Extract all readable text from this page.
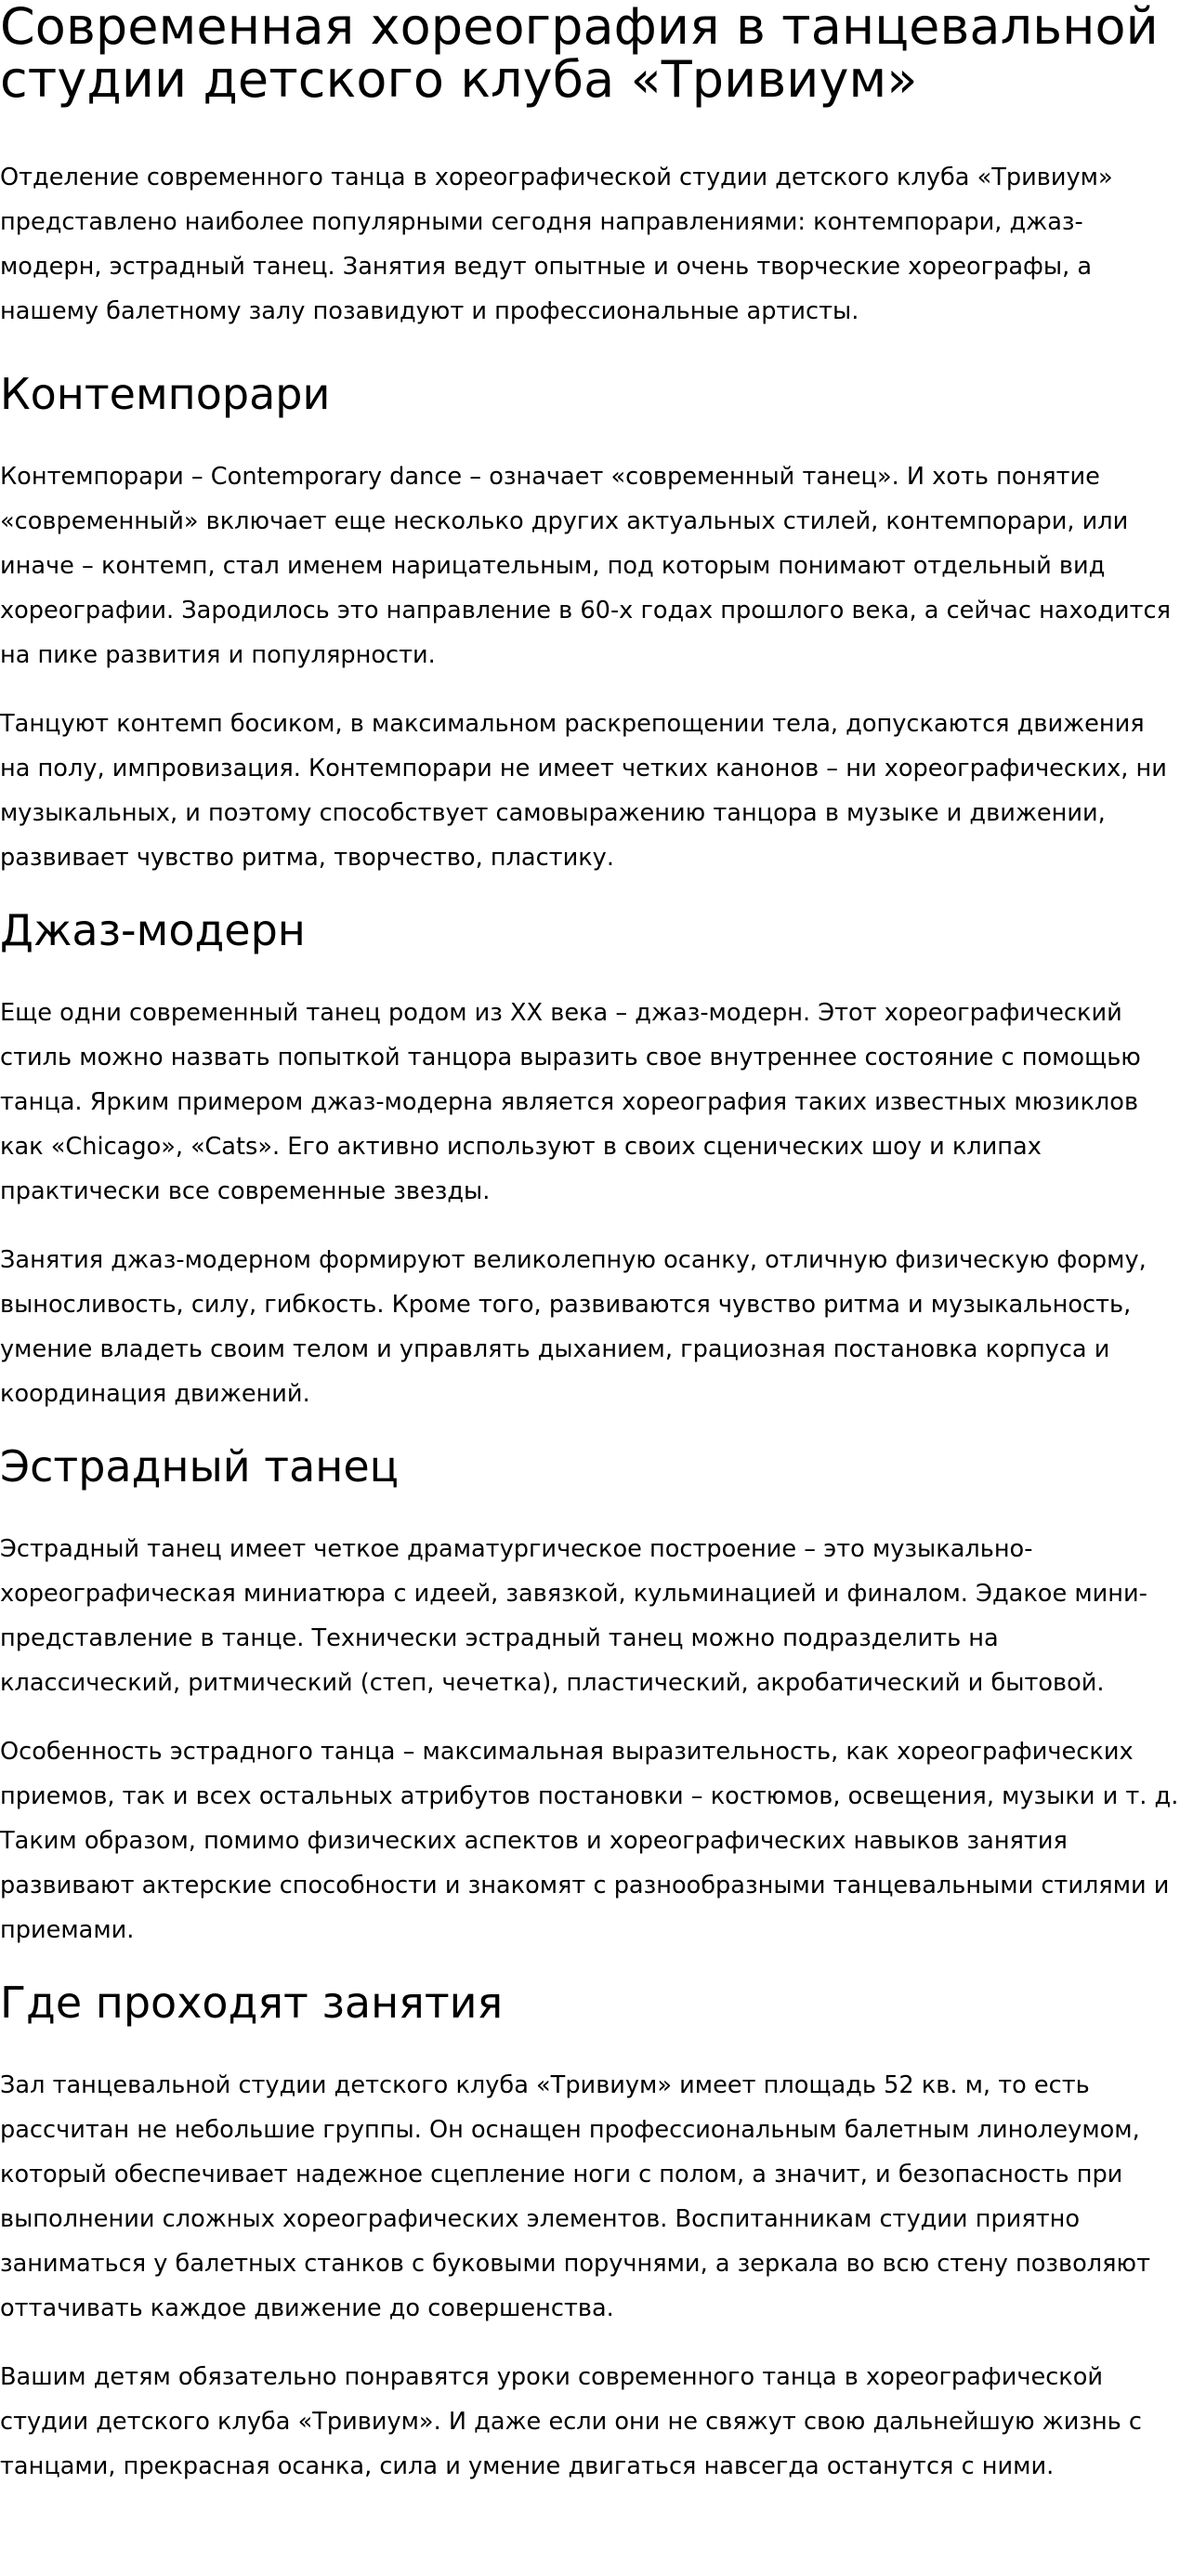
Современная хореография в танцевальной студии детского клуба «Тривиум»

Отделение современного танца в хореографической студии детского клуба «Тривиум» представлено наиболее популярными сегодня направлениями: контемпорари, джаз-модерн, эстрадный танец. Занятия ведут опытные и очень творческие хореографы, а нашему балетному залу позавидуют и профессиональные артисты.

Контемпорари

Контемпорари – Contemporary dance – означает «современный танец». И хоть понятие «современный» включает еще несколько других актуальных стилей, контемпорари, или иначе – контемп, стал именем нарицательным, под которым понимают отдельный вид хореографии. Зародилось это направление в 60-х годах прошлого века, а сейчас находится на пике развития и популярности.

Танцуют контемп босиком, в максимальном раскрепощении тела, допускаются движения на полу, импровизация. Контемпорари не имеет четких канонов – ни хореографических, ни музыкальных, и поэтому способствует самовыражению танцора в музыке и движении, развивает чувство ритма, творчество, пластику.

Джаз-модерн

Еще одни современный танец родом из XX века – джаз-модерн. Этот хореографический стиль можно назвать попыткой танцора выразить свое внутреннее состояние с помощью танца. Ярким примером джаз-модерна является хореография таких известных мюзиклов как «Chicago», «Cats». Его активно используют в своих сценических шоу и клипах практически все современные звезды.

Занятия джаз-модерном формируют великолепную осанку, отличную физическую форму, выносливость, силу, гибкость. Кроме того, развиваются чувство ритма и музыкальность, умение владеть своим телом и управлять дыханием, грациозная постановка корпуса и координация движений.

Эстрадный танец

Эстрадный танец имеет четкое драматургическое построение – это музыкально-хореографическая миниатюра с идеей, завязкой, кульминацией и финалом. Эдакое мини-представление в танце. Технически эстрадный танец можно подразделить на классический, ритмический (степ, чечетка), пластический, акробатический и бытовой.

Особенность эстрадного танца – максимальная выразительность, как хореографических приемов, так и всех остальных атрибутов постановки – костюмов, освещения, музыки и т. д. Таким образом, помимо физических аспектов и хореографических навыков занятия развивают актерские способности и знакомят с разнообразными танцевальными стилями и приемами.

Где проходят занятия

Зал танцевальной студии детского клуба «Тривиум» имеет площадь 52 кв. м, то есть рассчитан не небольшие группы. Он оснащен профессиональным балетным линолеумом, который обеспечивает надежное сцепление ноги с полом, а значит, и безопасность при выполнении сложных хореографических элементов. Воспитанникам студии приятно заниматься у балетных станков с буковыми поручнями, а зеркала во всю стену позволяют оттачивать каждое движение до совершенства.

Вашим детям обязательно понравятся уроки современного танца в хореографической студии детского клуба «Тривиум». И даже если они не свяжут свою дальнейшую жизнь с танцами, прекрасная осанка, сила и умение двигаться навсегда останутся с ними.
